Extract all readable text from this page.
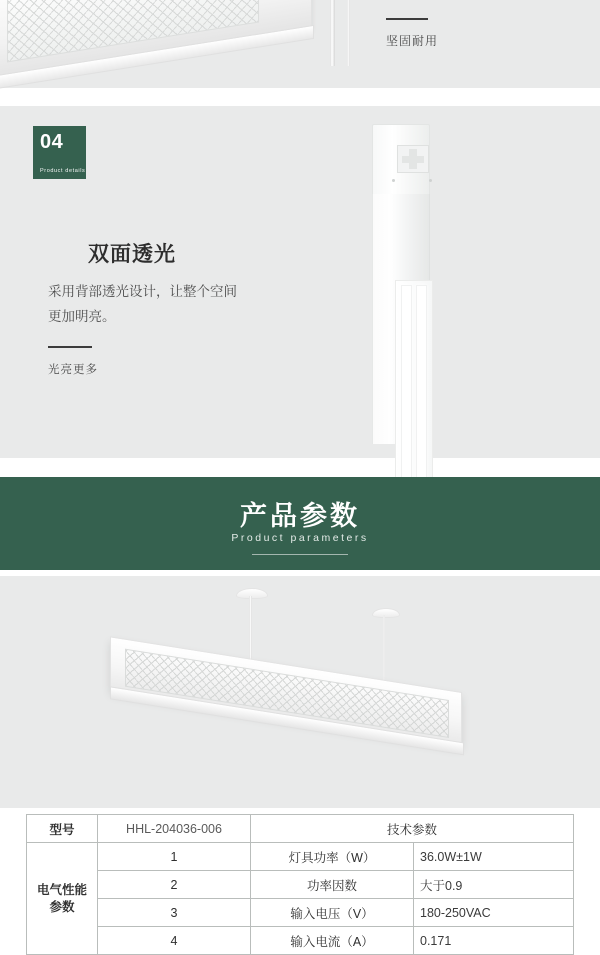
坚固耐用
04
Product details
双面透光
采用背部透光设计，让整个空间更加明亮。
光亮更多
产品参数
Product parameters
型号	HHL-204036-006	技术参数	
电气性能参数	1	灯具功率（W）	36.0W±1W
	2	功率因数	大于0.9
	3	输入电压（V）	180-250VAC
	4	输入电流（A）	0.171
